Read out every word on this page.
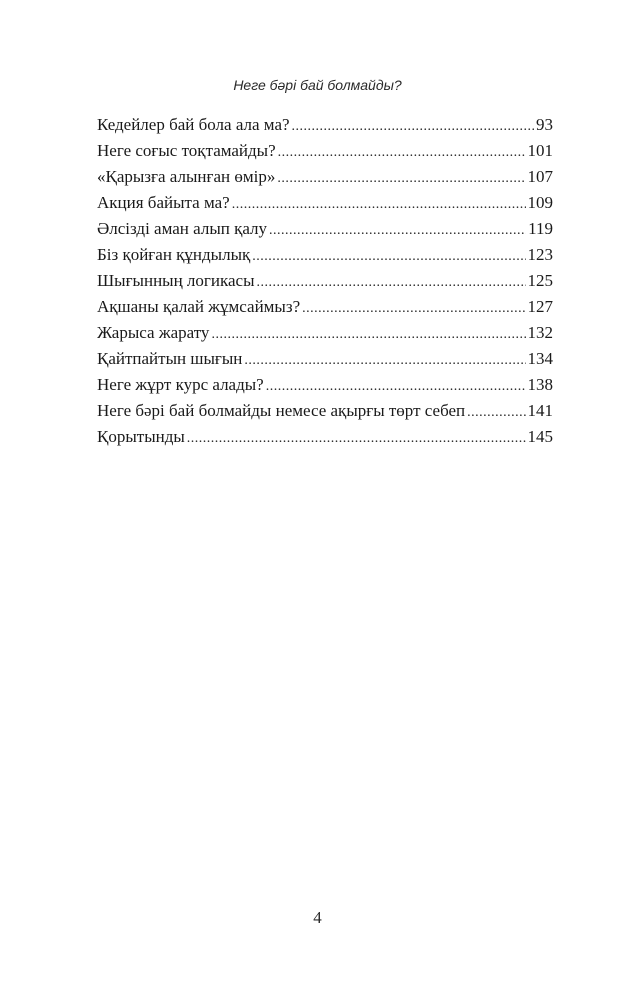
Неге бәрі бай болмайды?
Кедейлер бай бола ала ма? .....	93
Неге соғыс тоқтамайды? .....	101
«Қарызға алынған өмір» .....	107
Акция байыта ма? .....	109
Әлсізді аман алып қалу .....	119
Біз қойған құндылық .....	123
Шығынның логикасы .....	125
Ақшаны қалай жұмсаймыз? .....	127
Жарыса жарату .....	132
Қайтпайтын шығын .....	134
Неге жұрт курс алады? .....	138
Неге бәрі бай болмайды немесе ақырғы төрт себеп .....	141
Қорытынды .....	145
4
